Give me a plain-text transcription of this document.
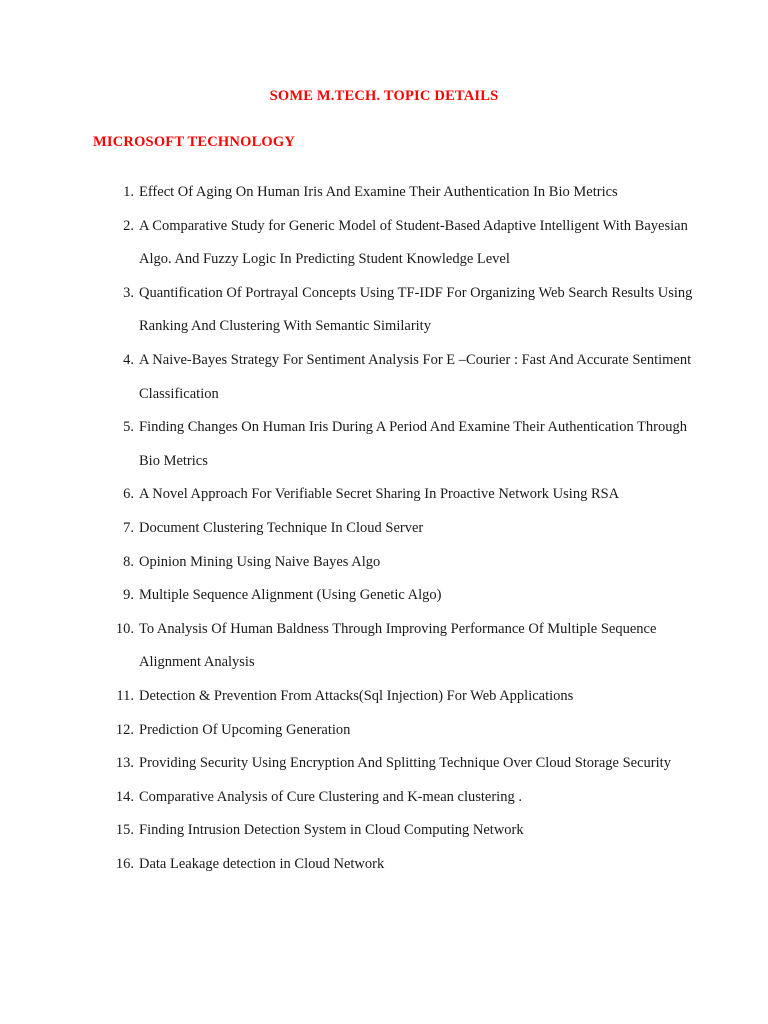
SOME M.TECH. TOPIC DETAILS
MICROSOFT TECHNOLOGY
1. Effect Of Aging On Human Iris And Examine Their Authentication In Bio Metrics
2. A Comparative Study for Generic Model of Student-Based Adaptive Intelligent With Bayesian Algo. And Fuzzy Logic In Predicting Student Knowledge Level
3. Quantification Of Portrayal Concepts Using TF-IDF For Organizing Web Search Results Using Ranking And Clustering With Semantic Similarity
4. A Naive-Bayes Strategy For Sentiment Analysis For E –Courier : Fast And Accurate Sentiment Classification
5. Finding Changes On Human Iris During A Period And Examine Their Authentication Through Bio Metrics
6. A Novel Approach For Verifiable Secret Sharing In Proactive Network Using RSA
7. Document Clustering Technique In Cloud Server
8. Opinion Mining Using Naive Bayes Algo
9. Multiple Sequence Alignment (Using Genetic Algo)
10. To Analysis Of Human Baldness Through Improving Performance Of Multiple Sequence Alignment Analysis
11. Detection & Prevention From Attacks(Sql Injection) For Web Applications
12. Prediction Of Upcoming Generation
13. Providing Security Using Encryption And Splitting Technique Over Cloud Storage Security
14. Comparative Analysis of Cure Clustering and K-mean clustering .
15. Finding Intrusion Detection System in Cloud Computing Network
16. Data Leakage detection in Cloud Network
